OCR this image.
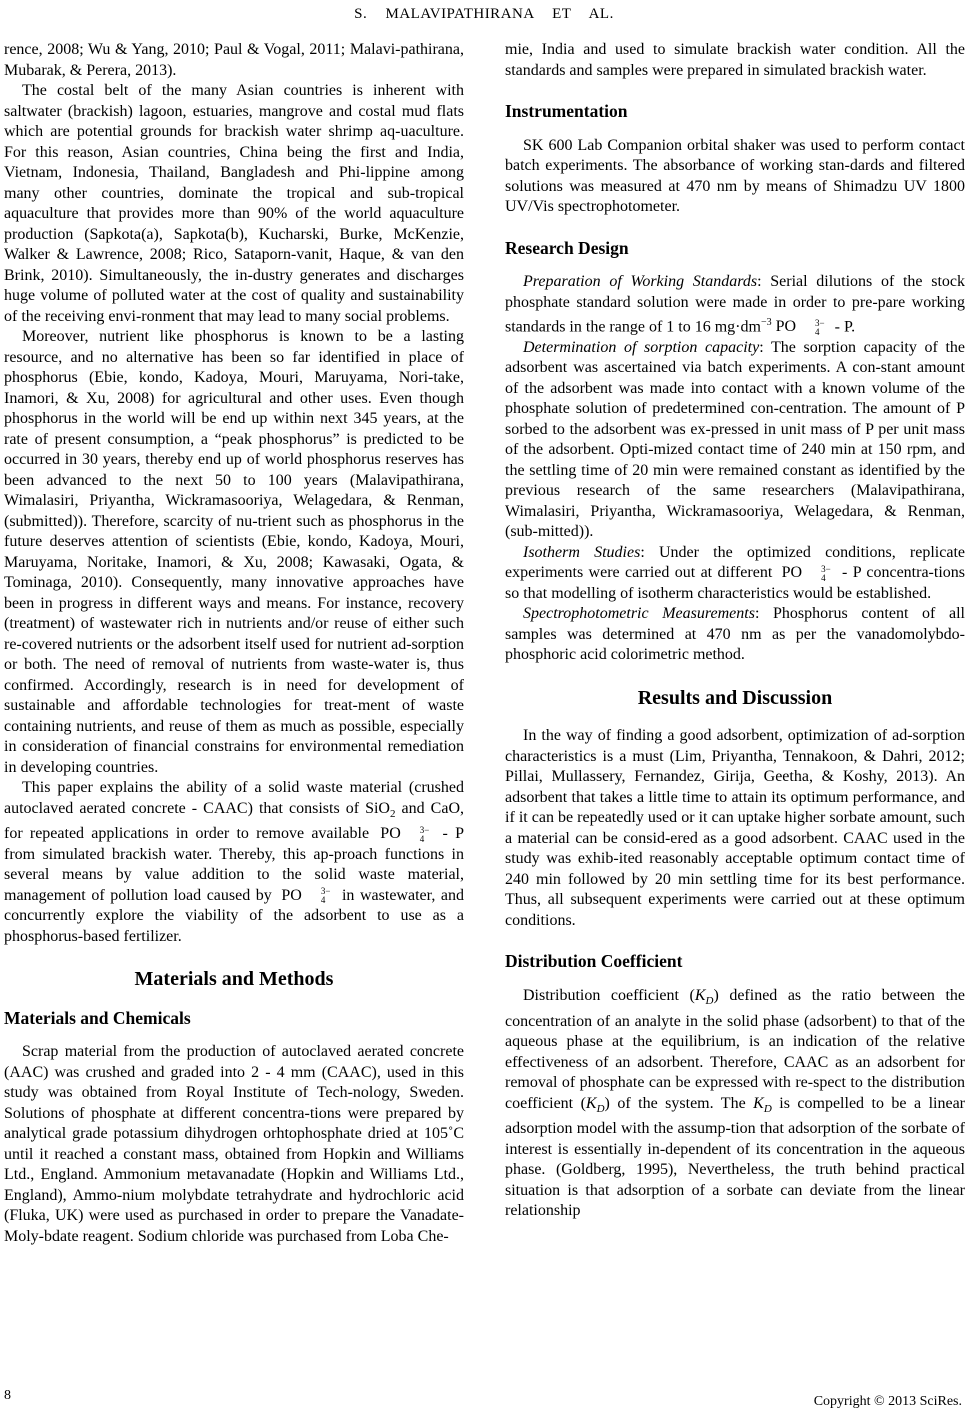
S. MALAVIPATHIRANA ET AL.

rence, 2008; Wu & Yang, 2010; Paul & Vogal, 2011; Malavi-pathirana, Mubarak, & Perera, 2013).

The costal belt of the many Asian countries is inherent with saltwater (brackish) lagoon, estuaries, mangrove and costal mud flats which are potential grounds for brackish water shrimp aq-uaculture. For this reason, Asian countries, China being the first and India, Vietnam, Indonesia, Thailand, Bangladesh and Phi-lippine among many other countries, dominate the tropical and sub-tropical aquaculture that provides more than 90% of the world aquaculture production (Sapkota(a), Sapkota(b), Kucharski, Burke, McKenzie, Walker & Lawrence, 2008; Rico, Sataporn-vanit, Haque, & van den Brink, 2010). Simultaneously, the in-dustry generates and discharges huge volume of polluted water at the cost of quality and sustainability of the receiving envi-ronment that may lead to many social problems.

Moreover, nutrient like phosphorus is known to be a lasting resource, and no alternative has been so far identified in place of phosphorus (Ebie, kondo, Kadoya, Mouri, Maruyama, Nori-take, Inamori, & Xu, 2008) for agricultural and other uses. Even though phosphorus in the world will be end up within next 345 years, at the rate of present consumption, a “peak phosphorus” is predicted to be occurred in 30 years, thereby end up of world phosphorus reserves has been advanced to the next 50 to 100 years (Malavipathirana, Wimalasiri, Priyantha, Wickramasooriya, Welagedara, & Renman, (submitted)). Therefore, scarcity of nu-trient such as phosphorus in the future deserves attention of scientists (Ebie, kondo, Kadoya, Mouri, Maruyama, Noritake, Inamori, & Xu, 2008; Kawasaki, Ogata, & Tominaga, 2010). Consequently, many innovative approaches have been in progress in different ways and means. For instance, recovery (treatment) of wastewater rich in nutrients and/or reuse of either such re-covered nutrients or the adsorbent itself used for nutrient ad-sorption or both. The need of removal of nutrients from waste-water is, thus confirmed. Accordingly, research is in need for development of sustainable and affordable technologies for treat-ment of waste containing nutrients, and reuse of them as much as possible, especially in consideration of financial constrains for environmental remediation in developing countries.

This paper explains the ability of a solid waste material (crushed autoclaved aerated concrete - CAAC) that consists of SiO$_2$ and CaO, for repeated applications in order to remove available PO	3−
4 - P from simulated brackish water. Thereby, this ap-proach functions in several means by value addition to the solid waste material, management of pollution load caused by PO	3−
4 in wastewater, and concurrently explore the viability of the adsorbent to use as a phosphorus-based fertilizer.

Materials and Methods
Materials and Chemicals

Scrap material from the production of autoclaved aerated concrete (AAC) was crushed and graded into 2 - 4 mm (CAAC), used in this study was obtained from Royal Institute of Tech-nology, Sweden. Solutions of phosphate at different concentra-tions were prepared by analytical grade potassium dihydrogen orhtophosphate dried at 105˚C until it reached a constant mass, obtained from Hopkin and Williams Ltd., England. Ammonium metavanadate (Hopkin and Williams Ltd., England), Ammo-nium molybdate tetrahydrate and hydrochloric acid (Fluka, UK) were used as purchased in order to prepare the Vanadate-Moly-bdate reagent. Sodium chloride was purchased from Loba Che-

mie, India and used to simulate brackish water condition. All the standards and samples were prepared in simulated brackish water.

Instrumentation

SK 600 Lab Companion orbital shaker was used to perform contact batch experiments. The absorbance of working stan-dards and filtered solutions was measured at 470 nm by means of Shimadzu UV 1800 UV/Vis spectrophotometer.

Research Design

Preparation of Working Standards: Serial dilutions of the stock phosphate standard solution were made in order to pre-pare working standards in the range of 1 to 16 $mg\cdot dm^{-3}$ PO	3−
4 - P.

Determination of sorption capacity: The sorption capacity of the adsorbent was ascertained via batch experiments. A con-stant amount of the adsorbent was made into contact with a known volume of the phosphate solution of predetermined con-centration. The amount of P sorbed to the adsorbent was ex-pressed in unit mass of P per unit mass of the adsorbent. Opti-mized contact time of 240 min at 150 rpm, and the settling time of 20 min were remained constant as identified by the previous research of the same researchers (Malavipathirana, Wimalasiri, Priyantha, Wickramasooriya, Welagedara, & Renman, (sub-mitted)).

Isotherm Studies: Under the optimized conditions, replicate experiments were carried out at different PO	3−
4 - P concentra-tions so that modelling of isotherm characteristics would be established.

Spectrophotometric Measurements: Phosphorus content of all samples was determined at 470 nm as per the vanadomolybdo-phosphoric acid colorimetric method.

Results and Discussion

In the way of finding a good adsorbent, optimization of ad-sorption characteristics is a must (Lim, Priyantha, Tennakoon, & Dahri, 2012; Pillai, Mullassery, Fernandez, Girija, Geetha, & Koshy, 2013). An adsorbent that takes a little time to attain its optimum performance, and if it can be repeatedly used or it can uptake higher sorbate amount, such a material can be consid-ered as a good adsorbent. CAAC used in the study was exhib-ited reasonably acceptable optimum contact time of 240 min followed by 20 min settling time for its best performance. Thus, all subsequent experiments were carried out at these optimum conditions.

Distribution Coefficient

Distribution coefficient $(K_D)$ defined as the ratio between the concentration of an analyte in the solid phase (adsorbent) to that of the aqueous phase at the equilibrium, is an indication of the relative effectiveness of an adsorbent. Therefore, CAAC as an adsorbent for removal of phosphate can be expressed with re-spect to the distribution coefficient $(K_D)$ of the system. The $K_D$ is compelled to be a linear adsorption model with the assump-tion that adsorption of the sorbate of interest is essentially in-dependent of its concentration in the aqueous phase. (Goldberg, 1995), Nevertheless, the truth behind practical situation is that adsorption of a sorbate can deviate from the linear relationship

8	Copyright © 2013 SciRes.
